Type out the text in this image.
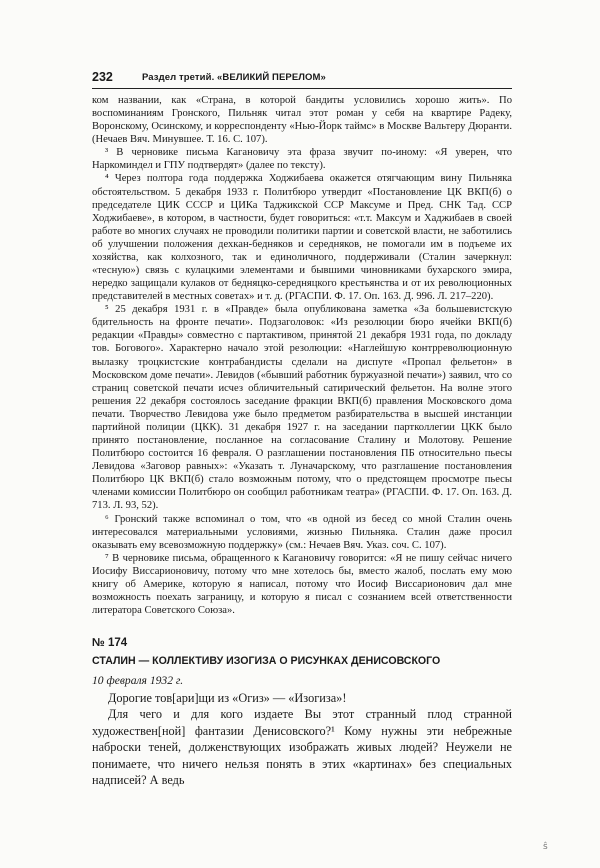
232	Раздел третий. «ВЕЛИКИЙ ПЕРЕЛОМ»

ком названии, как «Страна, в которой бандиты условились хорошо жить». По воспоминаниям Гронского, Пильняк читал этот роман у себя на квартире Радеку, Воронскому, Осинскому, и корреспонденту «Нью-Йорк таймс» в Москве Вальтеру Дюранти. (Нечаев Вяч. Минувшее. Т. 16. С. 107).

³ В черновике письма Кагановичу эта фраза звучит по-иному: «Я уверен, что Наркоминдел и ГПУ подтвердят» (далее по тексту).

⁴ Через полтора года поддержка Ходжибаева окажется отягчающим вину Пильняка обстоятельством. 5 декабря 1933 г. Политбюро утвердит «Постановление ЦК ВКП(б) о председателе ЦИК СССР и ЦИКа Таджикской ССР Максуме и Пред. СНК Тад. ССР Ходжибаеве», в котором, в частности, будет говориться: «т.т. Максум и Хаджибаев в своей работе во многих случаях не проводили политики партии и советской власти, не заботились об улучшении положения дехкан-бедняков и середняков, не помогали им в подъеме их хозяйства, как колхозного, так и единоличного, поддерживали (Сталин зачеркнул: «тесную») связь с кулацкими элементами и бывшими чиновниками бухарского эмира, нередко защищали кулаков от бедняцко-середняцкого крестьянства и от их революционных представителей в местных советах» и т. д. (РГАСПИ. Ф. 17. Оп. 163. Д. 996. Л. 217–220).

⁵ 25 декабря 1931 г. в «Правде» была опубликована заметка «За большевистскую бдительность на фронте печати». Подзаголовок: «Из резолюции бюро ячейки ВКП(б) редакции «Правды» совместно с партактивом, принятой 21 декабря 1931 года, по докладу тов. Богового». Характерно начало этой резолюции: «Наглейшую контрреволюционную вылазку троцкистские контрабандисты сделали на диспуте «Пропал фельетон» в Московском доме печати». Левидов («бывший работник буржуазной печати») заявил, что со страниц советской печати исчез обличительный сатирический фельетон. На волне этого решения 22 декабря состоялось заседание фракции ВКП(б) правления Московского дома печати. Творчество Левидова уже было предметом разбирательства в высшей инстанции партийной полиции (ЦКК). 31 декабря 1927 г. на заседании партколлегии ЦКК было принято постановление, посланное на согласование Сталину и Молотову. Решение Политбюро состоится 16 февраля. О разглашении постановления ПБ относительно пьесы Левидова «Заговор равных»: «Указать т. Луначарскому, что разглашение постановления Политбюро ЦК ВКП(б) стало возможным потому, что о предстоящем просмотре пьесы членами комиссии Политбюро он сообщил работникам театра» (РГАСПИ. Ф. 17. Оп. 163. Д. 713. Л. 93, 52).

⁶ Гронский также вспоминал о том, что «в одной из бесед со мной Сталин очень интересовался материальными условиями, жизнью Пильняка. Сталин даже просил оказывать ему всевозможную поддержку» (см.: Нечаев Вяч. Указ. соч. С. 107).

⁷ В черновике письма, обращенного к Кагановичу говорится: «Я не пишу сейчас ничего Иосифу Виссарионовичу, потому что мне хотелось бы, вместо жалоб, послать ему мою книгу об Америке, которую я написал, потому что Иосиф Виссарионович дал мне возможность поехать заграницу, и которую я писал с сознанием всей ответственности литератора Советского Союза».

№ 174
СТАЛИН — КОЛЛЕКТИВУ ИЗОГИЗА О РИСУНКАХ ДЕНИСОВСКОГО
10 февраля 1932 г.

Дорогие тов[ари]щи из «Огиз» — «Изогиза»!

Для чего и для кого издаете Вы этот странный плод странной художествен[ной] фантазии Денисовского?¹ Кому нужны эти небрежные наброски теней, долженствующих изображать живых людей? Неужели не понимаете, что ничего нельзя понять в этих «картинах» без специальных надписей? А ведь

ŝ
